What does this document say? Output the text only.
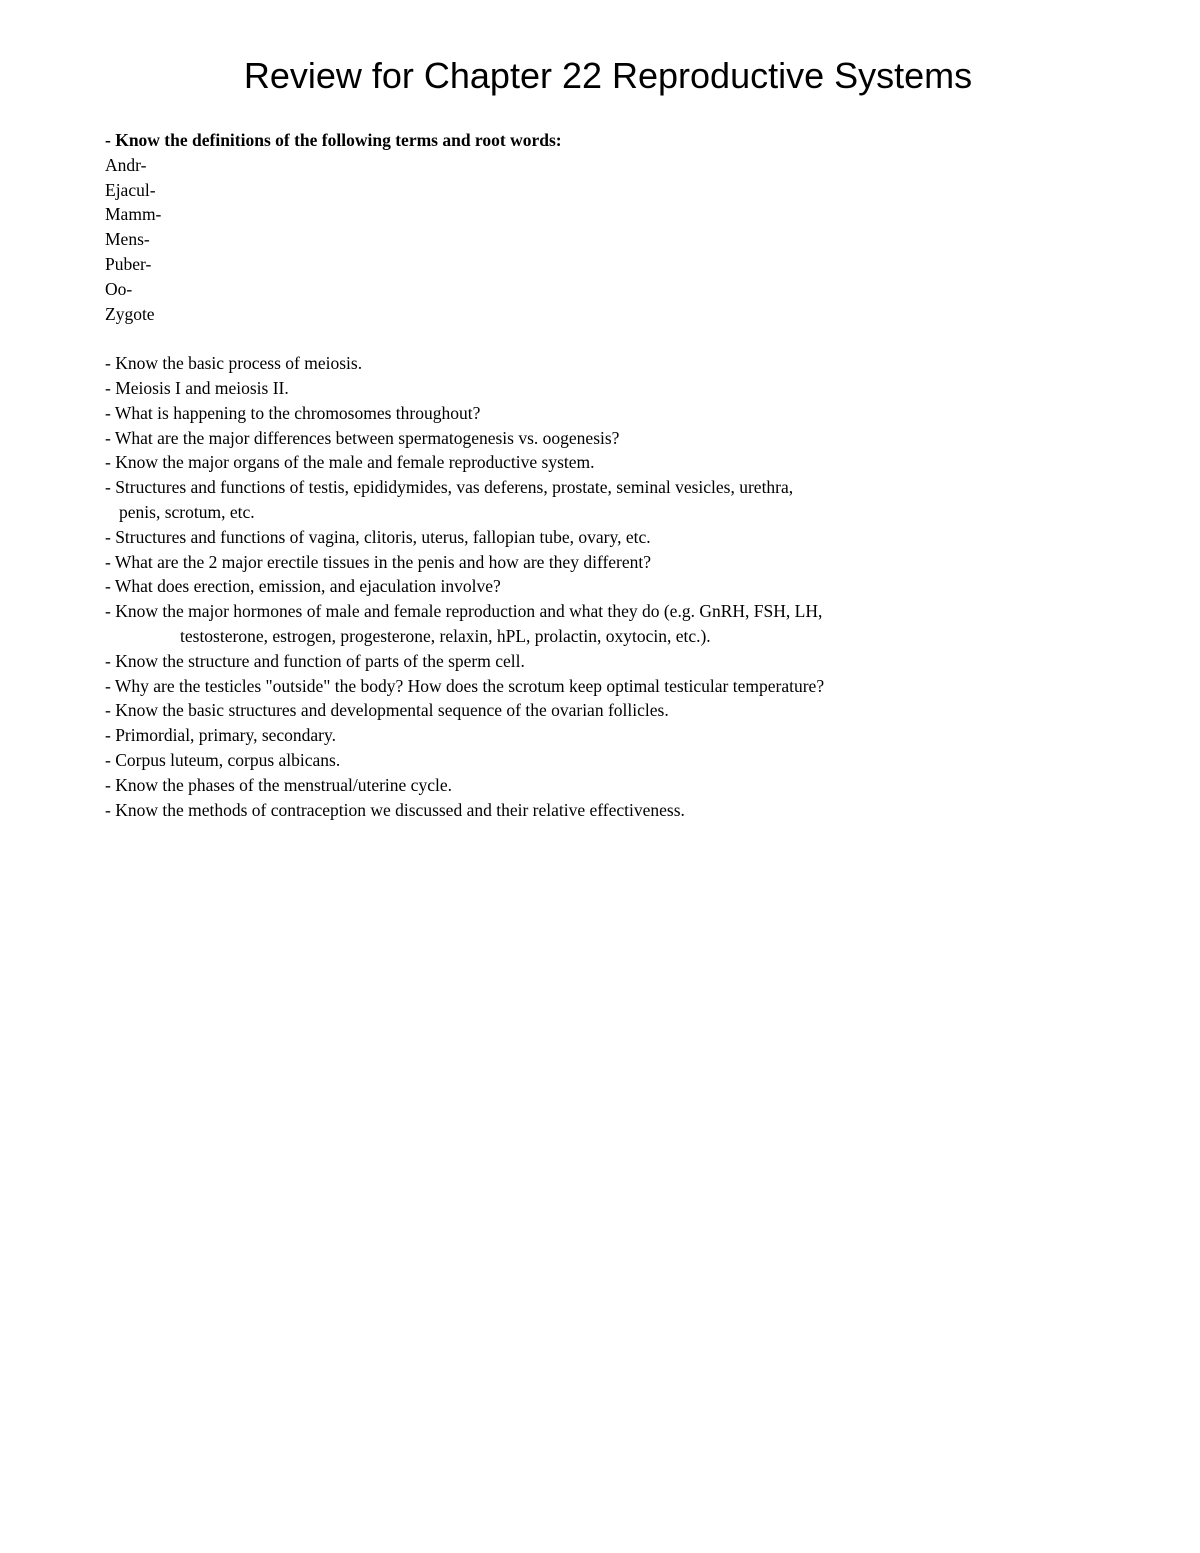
Review for Chapter 22 Reproductive Systems
- Know the definitions of the following terms and root words:
Andr-
Ejacul-
Mamm-
Mens-
Puber-
Oo-
Zygote
- Know the basic process of meiosis.
- Meiosis I and meiosis II.
- What is happening to the chromosomes throughout?
- What are the major differences between spermatogenesis vs. oogenesis?
- Know the major organs of the male and female reproductive system.
- Structures and functions of testis, epididymides, vas deferens, prostate, seminal vesicles, urethra,
penis, scrotum, etc.
- Structures and functions of vagina, clitoris, uterus, fallopian tube, ovary, etc.
- What are the 2 major erectile tissues in the penis and how are they different?
- What does erection, emission, and ejaculation involve?
- Know the major hormones of male and female reproduction and what they do (e.g. GnRH, FSH, LH,
testosterone, estrogen, progesterone, relaxin, hPL, prolactin, oxytocin, etc.).
- Know the structure and function of parts of the sperm cell.
- Why are the testicles "outside" the body? How does the scrotum keep optimal testicular temperature?
- Know the basic structures and developmental sequence of the ovarian follicles.
- Primordial, primary, secondary.
- Corpus luteum, corpus albicans.
- Know the phases of the menstrual/uterine cycle.
- Know the methods of contraception we discussed and their relative effectiveness.
